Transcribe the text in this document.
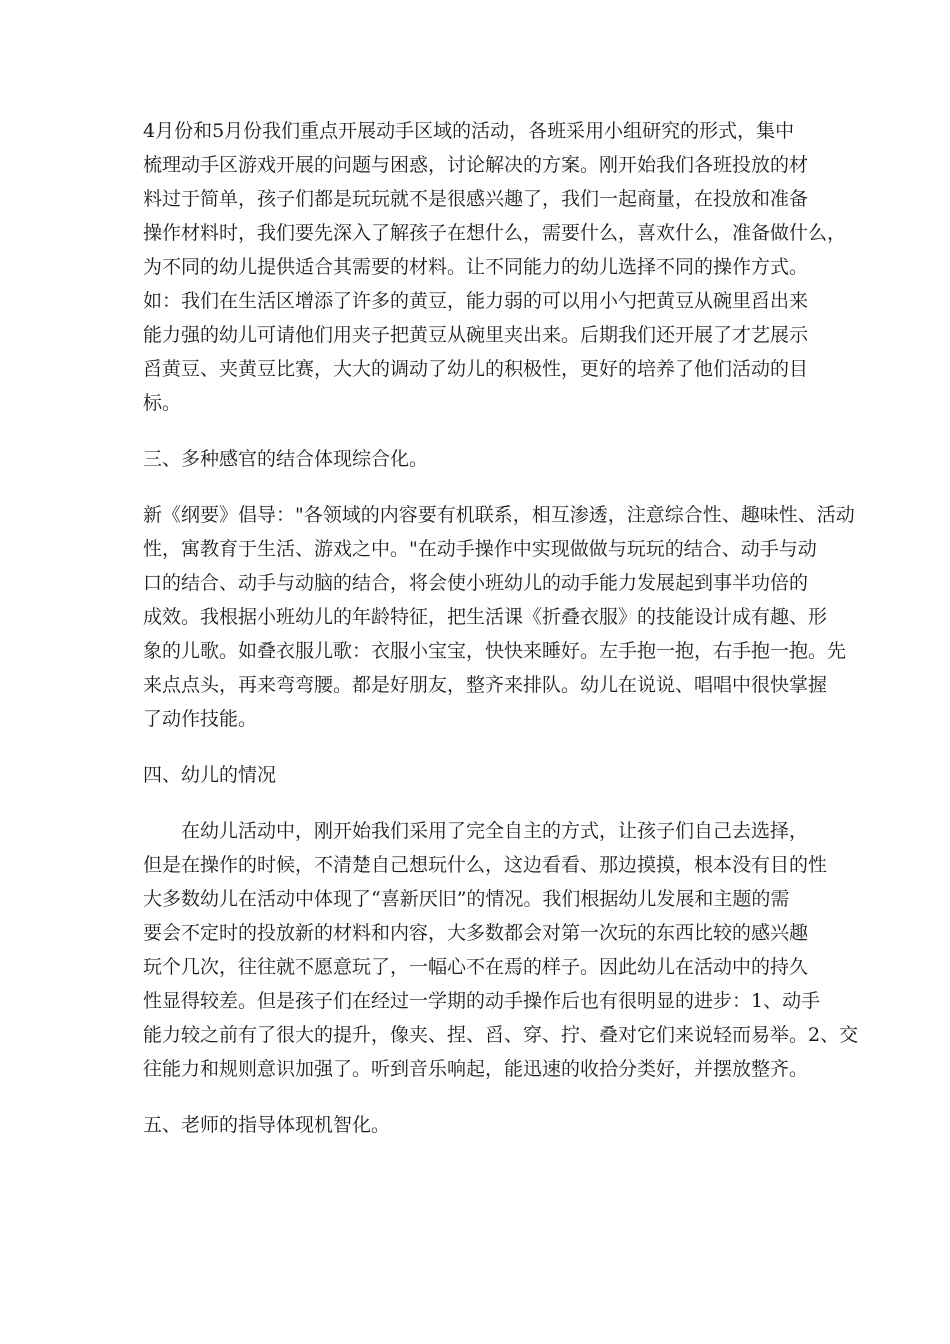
4月份和5月份我们重点开展动手区域的活动，各班采用小组研究的形式，集中
梳理动手区游戏开展的问题与困惑，讨论解决的方案。刚开始我们各班投放的材
料过于简单，孩子们都是玩玩就不是很感兴趣了，我们一起商量，在投放和准备
操作材料时，我们要先深入了解孩子在想什么，需要什么，喜欢什么，准备做什么，
为不同的幼儿提供适合其需要的材料。让不同能力的幼儿选择不同的操作方式。
如：我们在生活区增添了许多的黄豆，能力弱的可以用小勺把黄豆从碗里舀出来
能力强的幼儿可请他们用夹子把黄豆从碗里夹出来。后期我们还开展了才艺展示
舀黄豆、夹黄豆比赛，大大的调动了幼儿的积极性，更好的培养了他们活动的目
标。
三、多种感官的结合体现综合化。
新《纲要》倡导："各领域的内容要有机联系，相互渗透，注意综合性、趣味性、活动
性，寓教育于生活、游戏之中。"在动手操作中实现做做与玩玩的结合、动手与动
口的结合、动手与动脑的结合，将会使小班幼儿的动手能力发展起到事半功倍的
成效。我根据小班幼儿的年龄特征，把生活课《折叠衣服》的技能设计成有趣、形
象的儿歌。如叠衣服儿歌：衣服小宝宝，快快来睡好。左手抱一抱，右手抱一抱。先
来点点头，再来弯弯腰。都是好朋友，整齐来排队。幼儿在说说、唱唱中很快掌握
了动作技能。
四、幼儿的情况
在幼儿活动中，刚开始我们采用了完全自主的方式，让孩子们自己去选择，
但是在操作的时候，不清楚自己想玩什么，这边看看、那边摸摸，根本没有目的性
大多数幼儿在活动中体现了“喜新厌旧”的情况。我们根据幼儿发展和主题的需
要会不定时的投放新的材料和内容，大多数都会对第一次玩的东西比较的感兴趣
玩个几次，往往就不愿意玩了，一幅心不在焉的样子。因此幼儿在活动中的持久
性显得较差。但是孩子们在经过一学期的动手操作后也有很明显的进步：1、动手
能力较之前有了很大的提升，像夹、捏、舀、穿、拧、叠对它们来说轻而易举。2、交
往能力和规则意识加强了。听到音乐响起，能迅速的收拾分类好，并摆放整齐。
五、老师的指导体现机智化。
